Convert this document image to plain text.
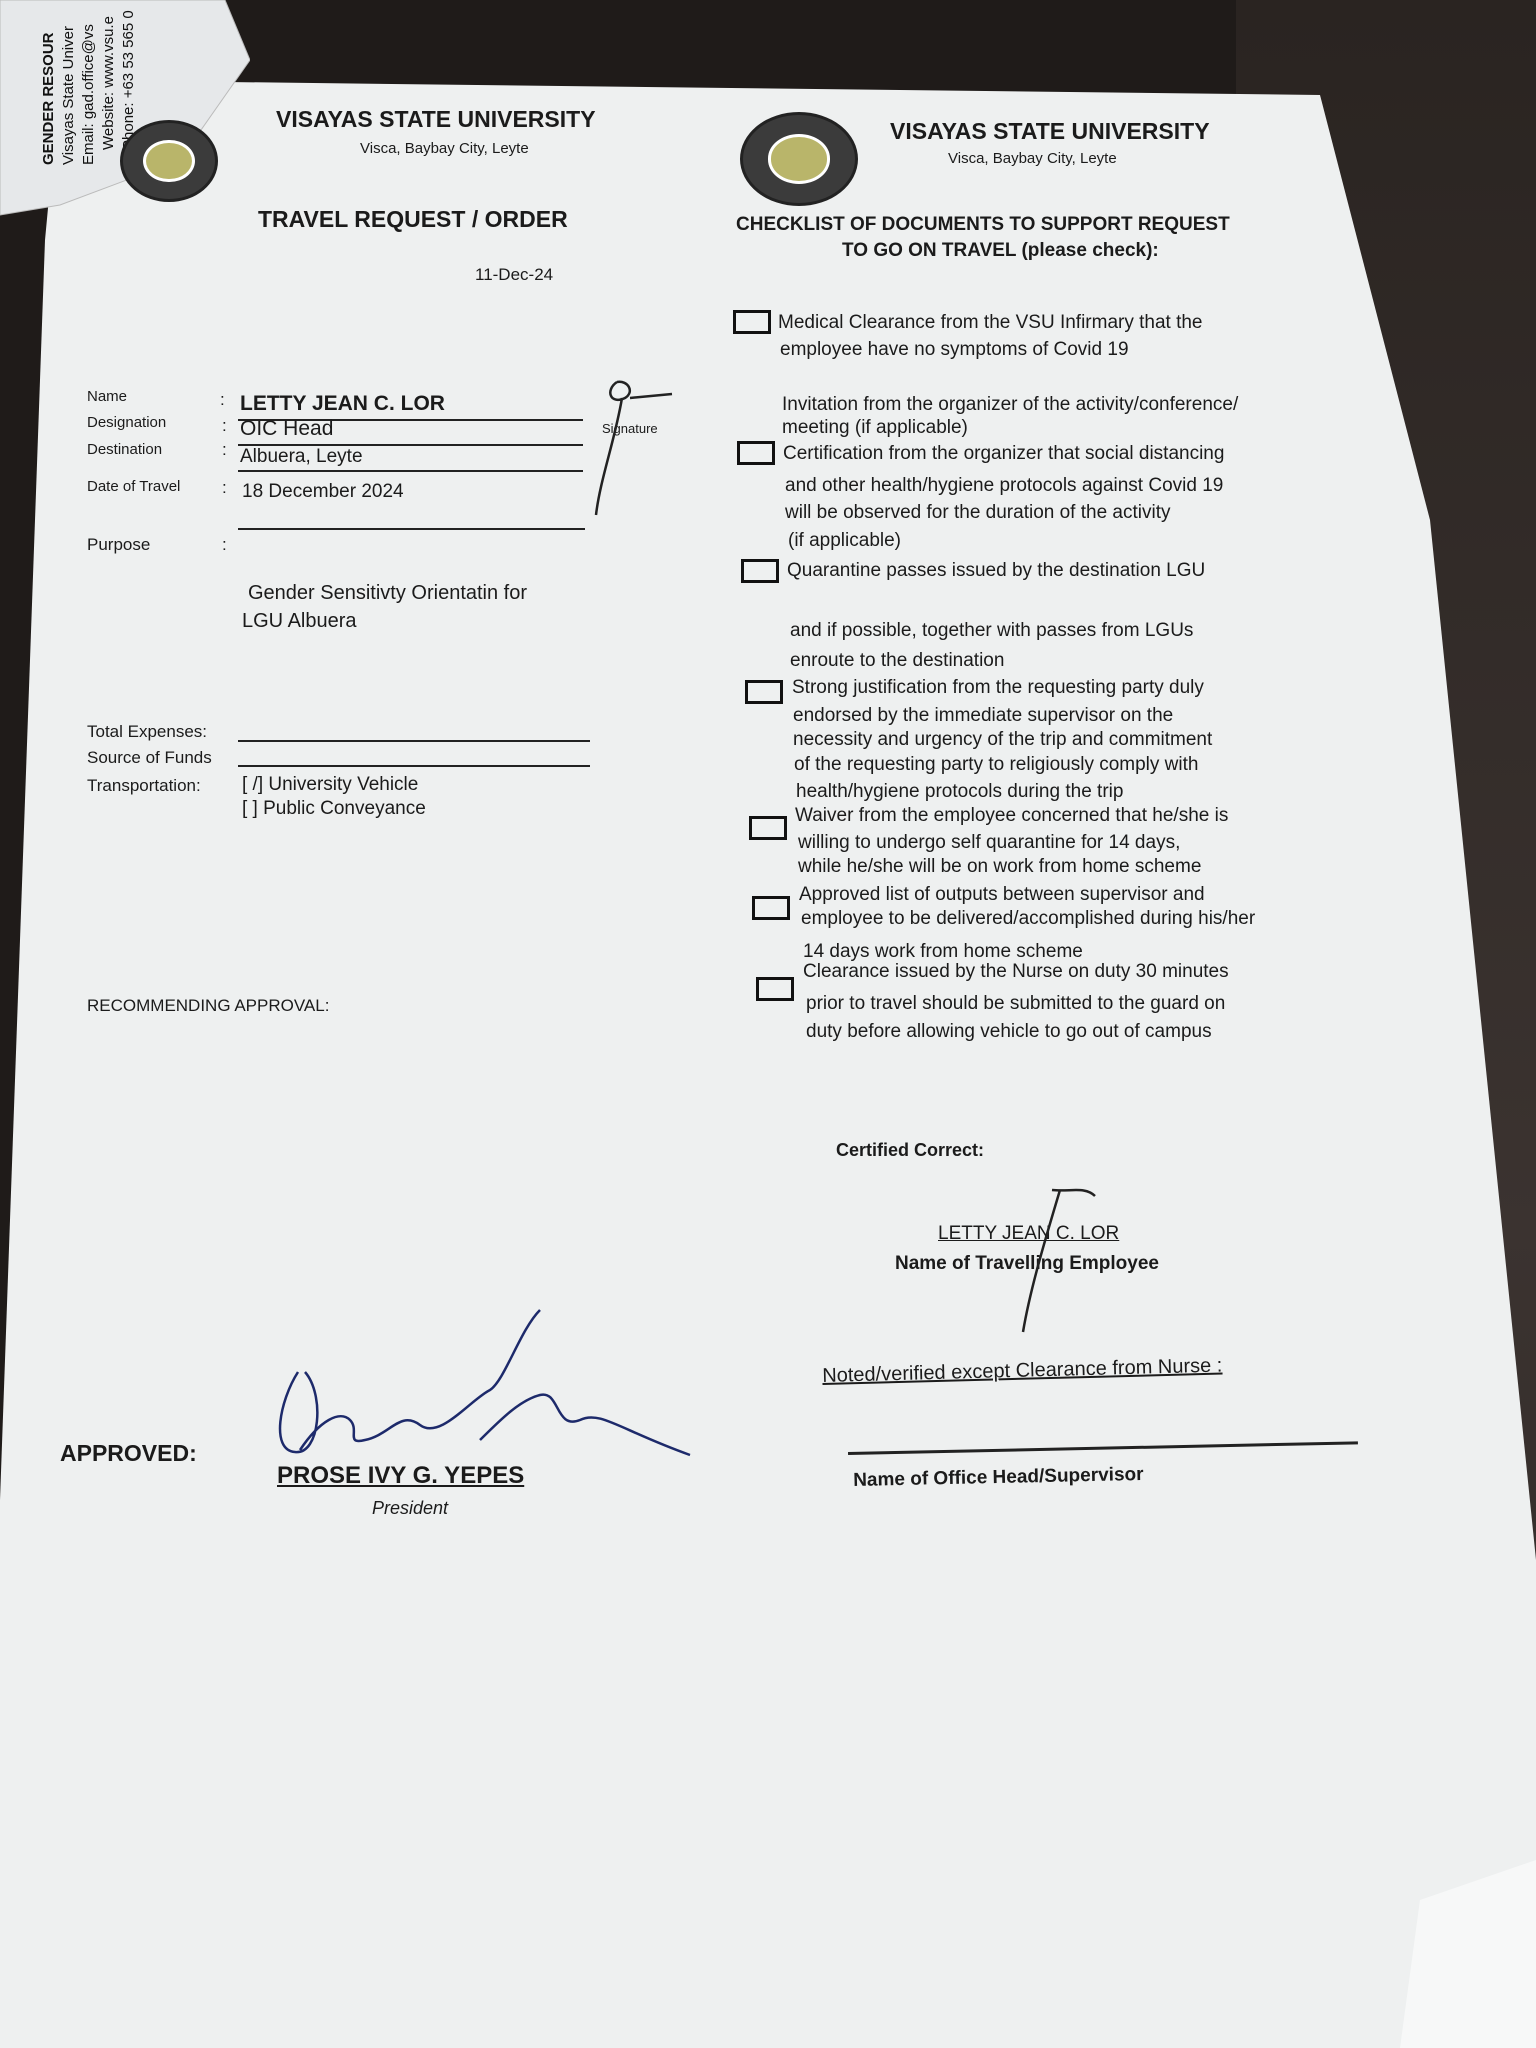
GENDER RESOUR Visayas State Univer Email: gad.office@vs Website: www.vsu.e Phone: +63 53 565 0	VISAYAS STATE UNIVERSITY
Visca, Baybay City, Leyte
TRAVEL REQUEST / ORDER
11-Dec-24
Name
Designation
Destination
Date of Travel
Purpose
:
:
:
:
:
LETTY JEAN C. LOR
OIC Head
Albuera, Leyte
18 December 2024
Signature
Gender Sensitivty Orientatin for
LGU Albuera
Total Expenses:
Source of Funds
Transportation: [ /] University Vehicle
[ ] Public Conveyance
RECOMMENDING APPROVAL:
APPROVED:
PROSE IVY G. YEPES
President
VISAYAS STATE UNIVERSITY
Visca, Baybay City, Leyte
CHECKLIST OF DOCUMENTS TO SUPPORT REQUEST
TO GO ON TRAVEL (please check):
Medical Clearance from the VSU Infirmary that the
employee have no symptoms of Covid 19
Invitation from the organizer of the activity/conference/
meeting (if applicable)
Certification from the organizer that social distancing
and other health/hygiene protocols against Covid 19
will be observed for the duration of the activity
(if applicable)
Quarantine passes issued by the destination LGU
and if possible, together with passes from LGUs
enroute to the destination
Strong justification from the requesting party duly
endorsed by the immediate supervisor on the
necessity and urgency of the trip and commitment
of the requesting party to religiously comply with
health/hygiene protocols during the trip
Waiver from the employee concerned that he/she is
willing to undergo self quarantine for 14 days,
while he/she will be on work from home scheme
Approved list of outputs between supervisor and
employee to be delivered/accomplished during his/her
14 days work from home scheme
Clearance issued by the Nurse on duty 30 minutes
prior to travel should be submitted to the guard on
duty before allowing vehicle to go out of campus
Certified Correct:
LETTY JEAN C. LOR
Name of Travelling Employee
Noted/verified except Clearance from Nurse :
Name of Office Head/Supervisor
